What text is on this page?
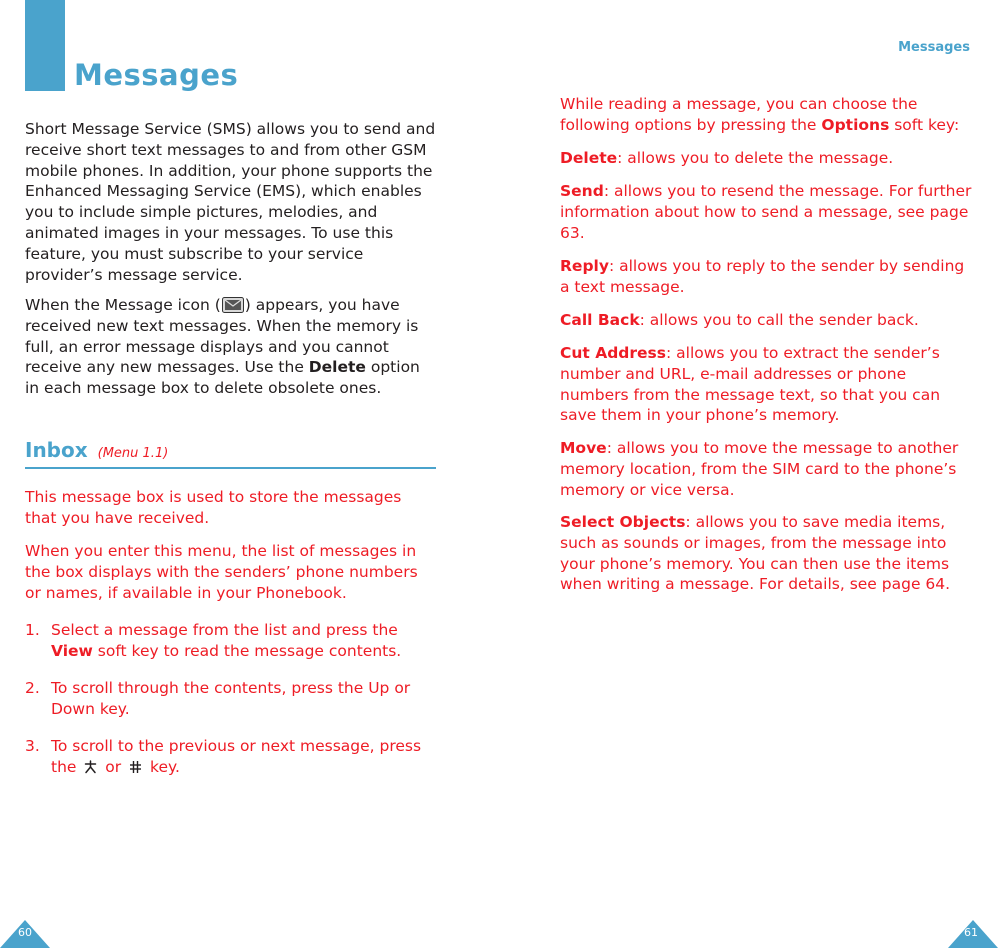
Messages

Short Message Service (SMS) allows you to send and receive short text messages to and from other GSM mobile phones. In addition, your phone supports the Enhanced Messaging Service (EMS), which enables you to include simple pictures, melodies, and animated images in your messages. To use this feature, you must subscribe to your service provider’s message service.

When the Message icon ( ) appears, you have received new text messages. When the memory is full, an error message displays and you cannot receive any new messages. Use the Delete option in each message box to delete obsolete ones.

Inbox (Menu 1.1)

This message box is used to store the messages that you have received.

When you enter this menu, the list of messages in the box displays with the senders’ phone numbers or names, if available in your Phonebook.

1. Select a message from the list and press the View soft key to read the message contents.

2. To scroll through the contents, press the Up or Down key.

3. To scroll to the previous or next message, press the  or  key.

60
Messages

While reading a message, you can choose the following options by pressing the Options soft key:

Delete: allows you to delete the message.

Send: allows you to resend the message. For further information about how to send a message, see page 63.

Reply: allows you to reply to the sender by sending a text message.

Call Back: allows you to call the sender back.

Cut Address: allows you to extract the sender’s number and URL, e-mail addresses or phone numbers from the message text, so that you can save them in your phone’s memory.

Move: allows you to move the message to another memory location, from the SIM card to the phone’s memory or vice versa.

Select Objects: allows you to save media items, such as sounds or images, from the message into your phone’s memory. You can then use the items when writing a message. For details, see page 64.

61
